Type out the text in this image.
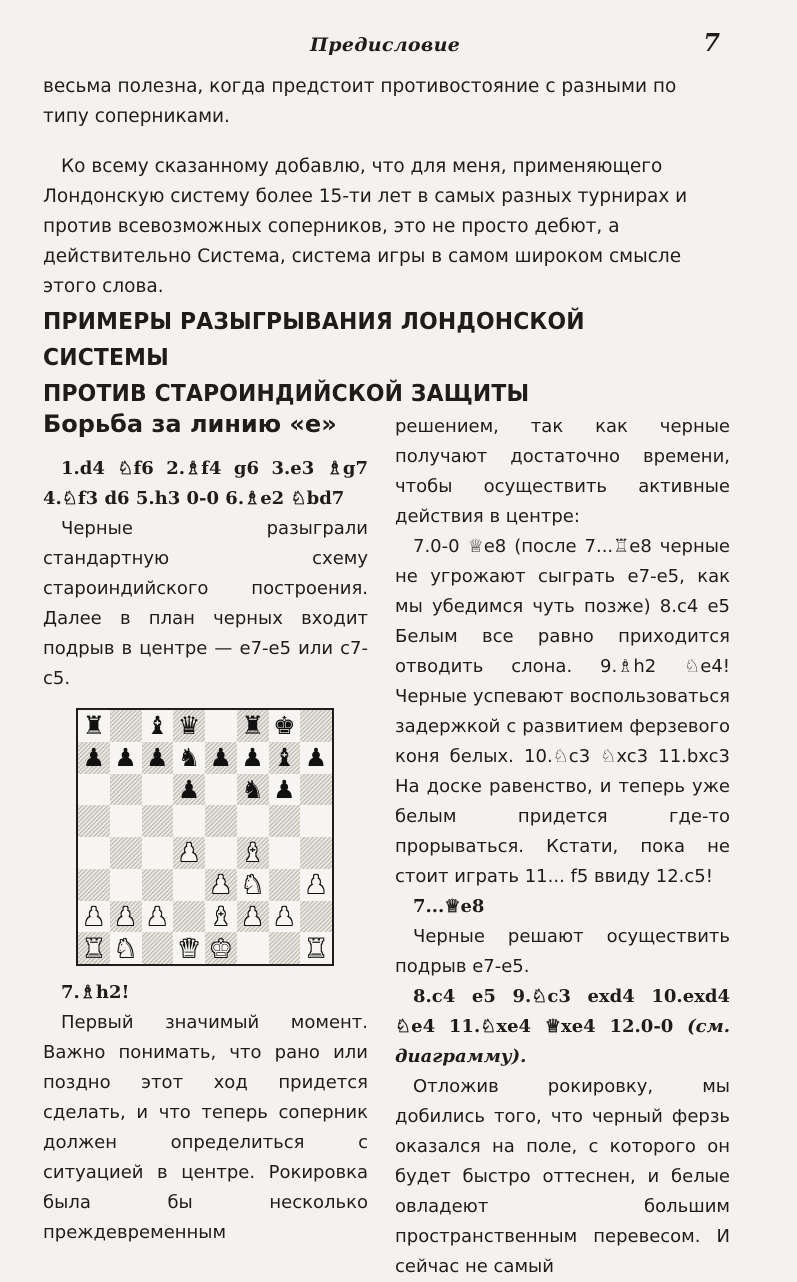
Предисловие	7

весьма полезна, когда предстоит противостояние с разными по типу соперниками.

Ко всему сказанному добавлю, что для меня, применяющего Лондонскую систему более 15-ти лет в самых разных турнирах и против всевозможных соперников, это не просто дебют, а действительно Система, система игры в самом широком смысле этого слова.

ПРИМЕРЫ РАЗЫГРЫВАНИЯ ЛОНДОНСКОЙ СИСТЕМЫ
ПРОТИВ СТАРОИНДИЙСКОЙ ЗАЩИТЫ
Борьба за линию «е»

1.d4 ♘f6 2.♗f4 g6 3.e3 ♗g7 4.♘f3 d6 5.h3 0-0 6.♗e2 ♘bd7

Черные разыграли стандартную схему староиндийского построения. Далее в план черных входит подрыв в центре — е7-е5 или с7-с5.

♜ ♝ ♛ ♜ ♚
♟ ♟ ♟ ♞ ♟ ♟ ♝ ♟
♟ ♞ ♟
♟ ♝
♟ ♞ ♟
♟ ♟ ♟ ♝ ♟ ♟
♜ ♞ ♛ ♚	♜

7.♗h2!

Первый значимый момент. Важно понимать, что рано или поздно этот ход придется сделать, и что теперь соперник должен определиться с ситуацией в центре. Рокировка была бы несколько преждевременным

решением, так как черные получают достаточно времени, чтобы осуществить активные действия в центре:

7.0-0 ♕e8 (после 7...♖e8 черные не угрожают сыграть е7-е5, как мы убедимся чуть позже) 8.c4 e5 Белым все равно приходится отводить слона. 9.♗h2 ♘e4! Черные успевают воспользоваться задержкой с развитием ферзевого коня белых. 10.♘c3 ♘xc3 11.bxc3 На доске равенство, и теперь уже белым придется где-то прорываться. Кстати, пока не стоит играть 11... f5 ввиду 12.c5!

7...♕e8

Черные решают осуществить подрыв е7-е5.

8.c4 e5 9.♘c3 exd4 10.exd4 ♘e4 11.♘xe4 ♕xe4 12.0-0 (см. диаграмму).

Отложив рокировку, мы добились того, что черный ферзь оказался на поле, с которого он будет быстро оттеснен, и белые овладеют большим пространственным перевесом. И сейчас не самый
